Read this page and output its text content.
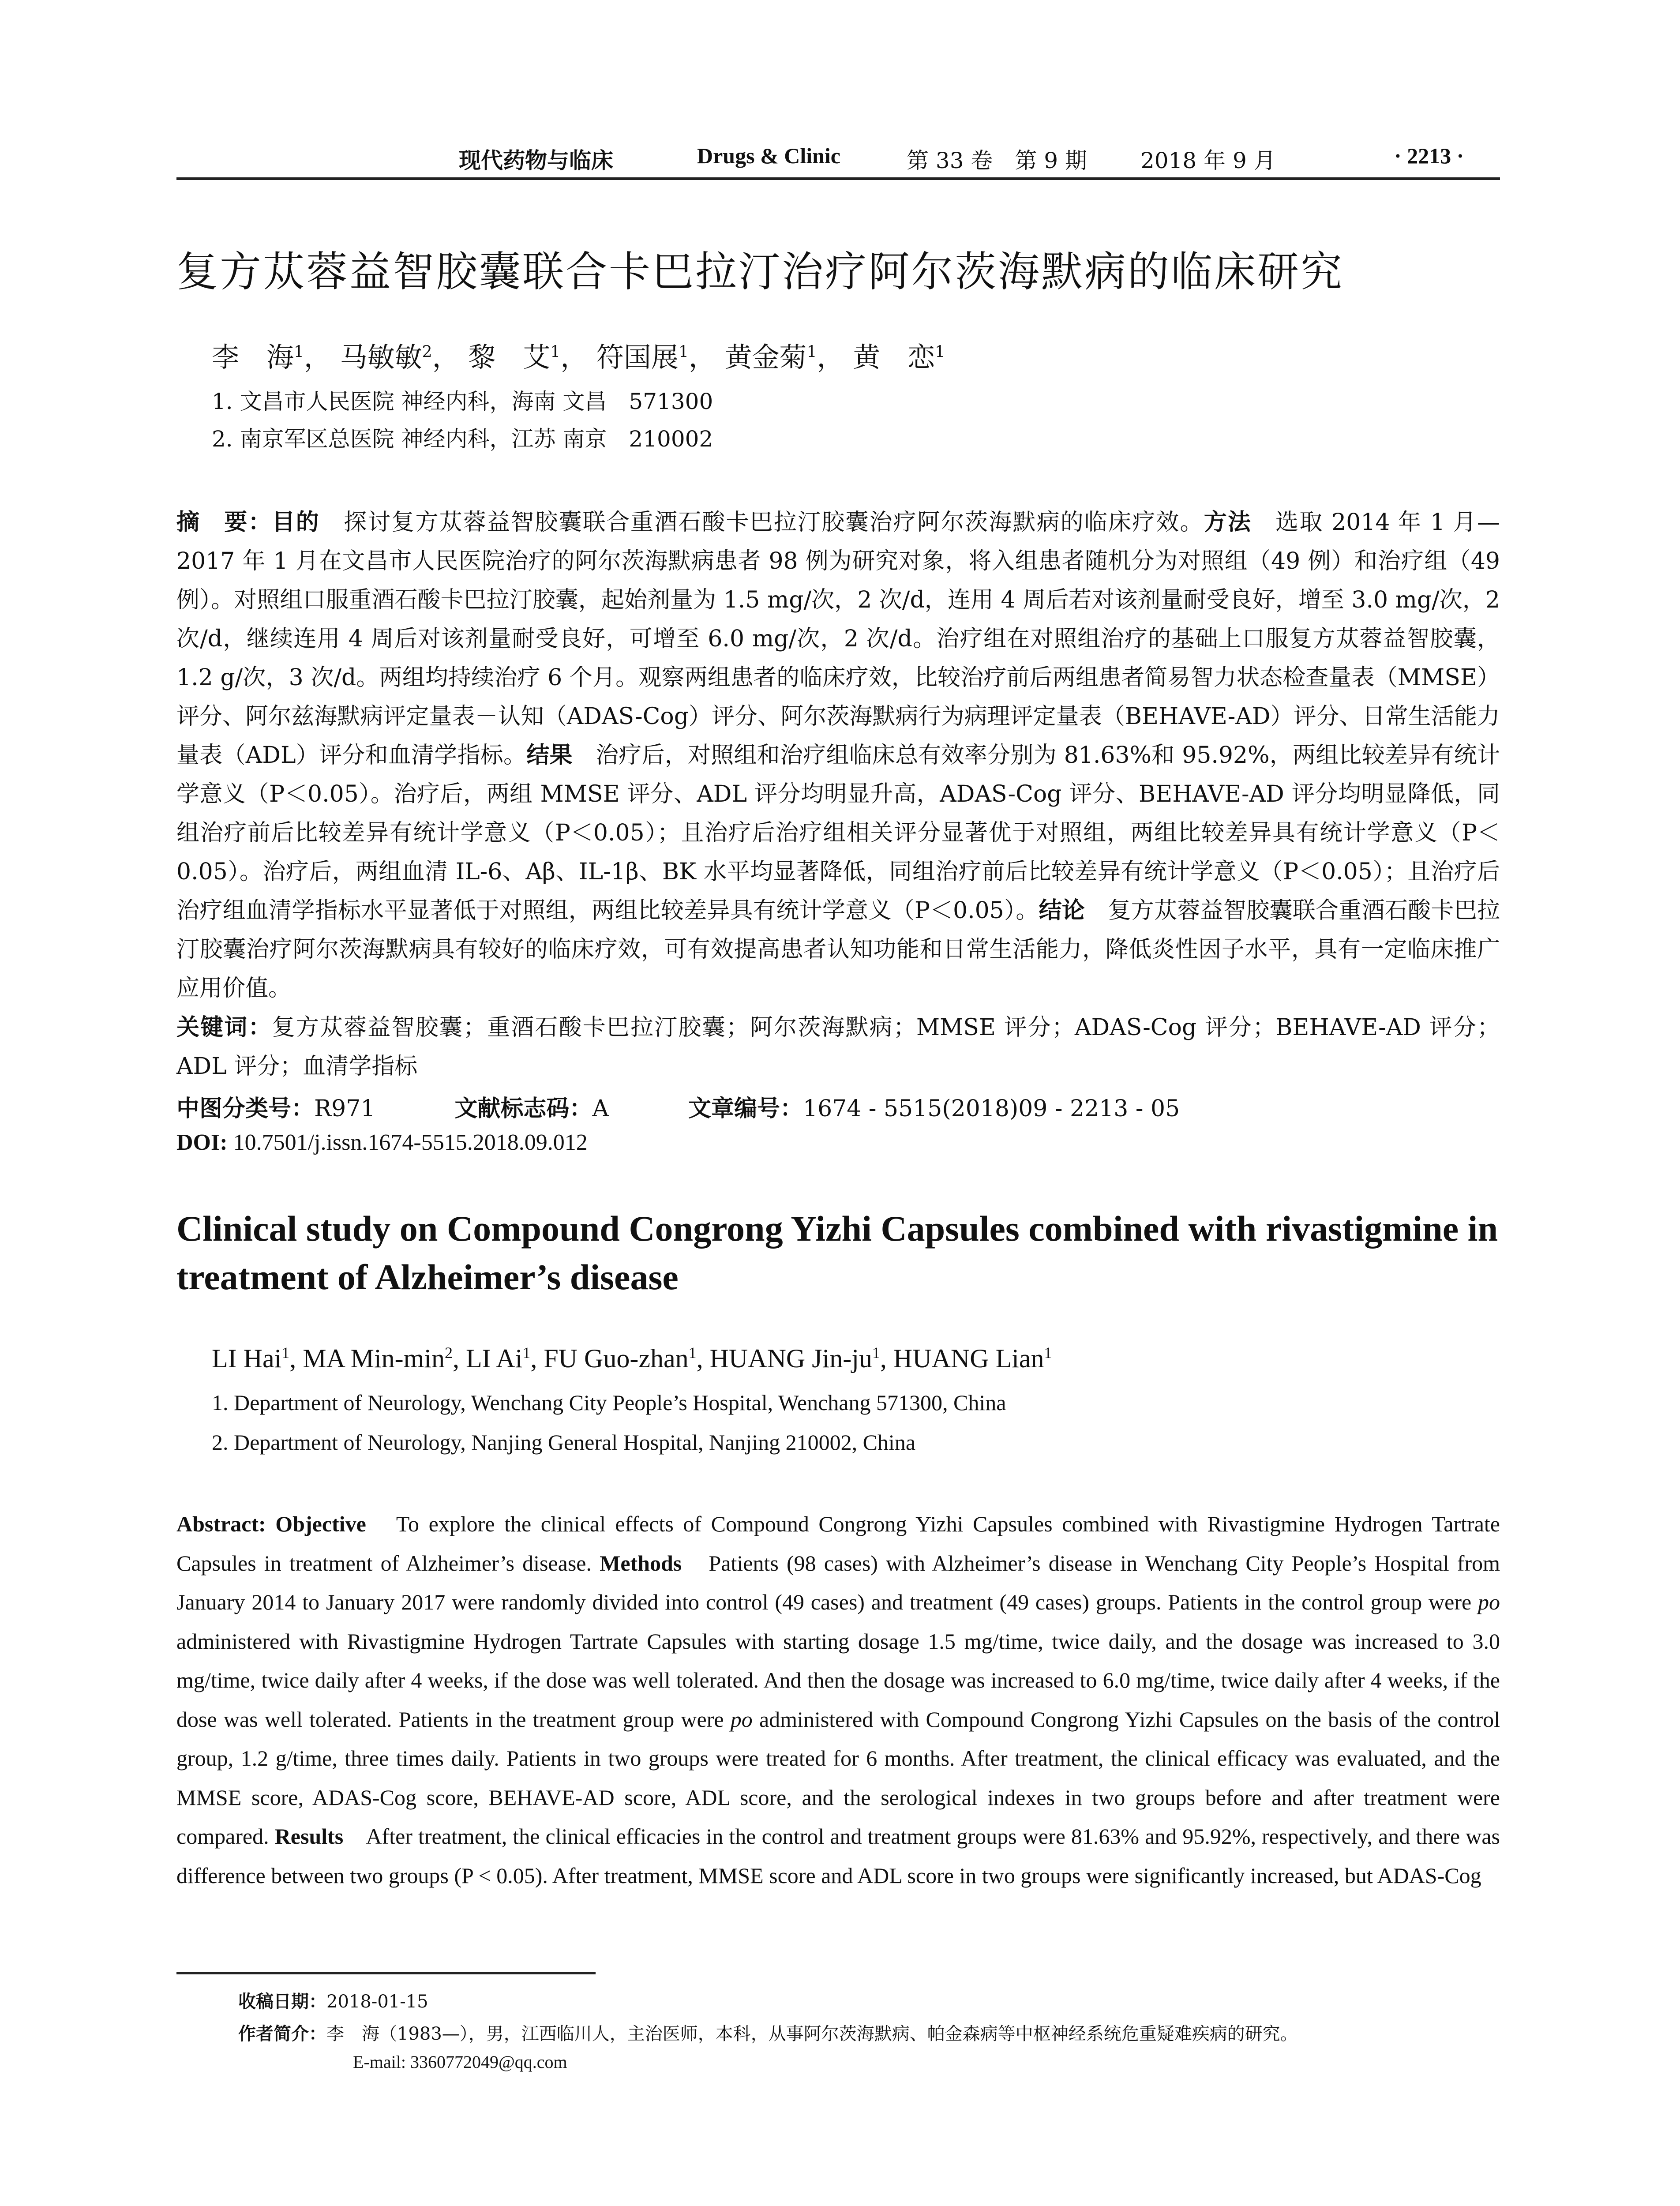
现代药物与临床	Drugs & Clinic	第 33 卷　第 9 期 2018 年 9 月	· 2213 ·
复方苁蓉益智胶囊联合卡巴拉汀治疗阿尔茨海默病的临床研究
李　海$^1$， 马敏敏$^2$， 黎　艾$^1$， 符国展$^1$， 黄金菊$^1$， 黄　恋$^1$
1. 文昌市人民医院 神经内科，海南 文昌　571300
2. 南京军区总医院 神经内科，江苏 南京　210002
摘　要：目的　探讨复方苁蓉益智胶囊联合重酒石酸卡巴拉汀胶囊治疗阿尔茨海默病的临床疗效。方法　选取 2014 年 1 月—2017 年 1 月在文昌市人民医院治疗的阿尔茨海默病患者 98 例为研究对象，将入组患者随机分为对照组（49 例）和治疗组（49 例）。对照组口服重酒石酸卡巴拉汀胶囊，起始剂量为 1.5 mg/次，2 次/d，连用 4 周后若对该剂量耐受良好，增至 3.0 mg/次，2 次/d，继续连用 4 周后对该剂量耐受良好，可增至 6.0 mg/次，2 次/d。治疗组在对照组治疗的基础上口服复方苁蓉益智胶囊，1.2 g/次，3 次/d。两组均持续治疗 6 个月。观察两组患者的临床疗效，比较治疗前后两组患者简易智力状态检查量表（MMSE）评分、阿尔兹海默病评定量表－认知（ADAS-Cog）评分、阿尔茨海默病行为病理评定量表（BEHAVE-AD）评分、日常生活能力量表（ADL）评分和血清学指标。结果　治疗后，对照组和治疗组临床总有效率分别为 81.63%和 95.92%，两组比较差异有统计学意义（P＜0.05）。治疗后，两组 MMSE 评分、ADL 评分均明显升高，ADAS-Cog 评分、BEHAVE-AD 评分均明显降低，同组治疗前后比较差异有统计学意义（P＜0.05）；且治疗后治疗组相关评分显著优于对照组，两组比较差异具有统计学意义（P＜0.05）。治疗后，两组血清 IL-6、Aβ、IL-1β、BK 水平均显著降低，同组治疗前后比较差异有统计学意义（P＜0.05）；且治疗后治疗组血清学指标水平显著低于对照组，两组比较差异具有统计学意义（P＜0.05）。结论　复方苁蓉益智胶囊联合重酒石酸卡巴拉汀胶囊治疗阿尔茨海默病具有较好的临床疗效，可有效提高患者认知功能和日常生活能力，降低炎性因子水平，具有一定临床推广应用价值。
关键词：复方苁蓉益智胶囊；重酒石酸卡巴拉汀胶囊；阿尔茨海默病；MMSE 评分；ADAS-Cog 评分；BEHAVE-AD 评分；ADL 评分；血清学指标
中图分类号：R971	文献标志码：A	文章编号：1674 - 5515(2018)09 - 2213 - 05
DOI: 10.7501/j.issn.1674-5515.2018.09.012
Clinical study on Compound Congrong Yizhi Capsules combined with rivastigmine in treatment of Alzheimer’s disease
LI Hai$^1$, MA Min-$\min^2$, LI Ai$^1$, FU Guo-zhan$^1$, HUANG Jin-$ju^1$, HUANG Lian$^1$
1. Department of Neurology, Wenchang City People’s Hospital, Wenchang 571300, China
2. Department of Neurology, Nanjing General Hospital, Nanjing 210002, China
Abstract: Objective　To explore the clinical effects of Compound Congrong Yizhi Capsules combined with Rivastigmine Hydrogen Tartrate Capsules in treatment of Alzheimer’s disease. Methods　Patients (98 cases) with Alzheimer’s disease in Wenchang City People’s Hospital from January 2014 to January 2017 were randomly divided into control (49 cases) and treatment (49 cases) groups. Patients in the control group were po administered with Rivastigmine Hydrogen Tartrate Capsules with starting dosage 1.5 mg/time, twice daily, and the dosage was increased to 3.0 mg/time, twice daily after 4 weeks, if the dose was well tolerated. And then the dosage was increased to 6.0 mg/time, twice daily after 4 weeks, if the dose was well tolerated. Patients in the treatment group were po administered with Compound Congrong Yizhi Capsules on the basis of the control group, 1.2 g/time, three times daily. Patients in two groups were treated for 6 months. After treatment, the clinical efficacy was evaluated, and the MMSE score, ADAS-Cog score, BEHAVE-AD score, ADL score, and the serological indexes in two groups before and after treatment were compared. Results　After treatment, the clinical efficacies in the control and treatment groups were 81.63% and 95.92%, respectively, and there was difference between two groups (P < 0.05). After treatment, MMSE score and ADL score in two groups were significantly increased, but ADAS-Cog
收稿日期：2018-01-15
作者简介：李　海（1983—），男，江西临川人，主治医师，本科，从事阿尔茨海默病、帕金森病等中枢神经系统危重疑难疾病的研究。
E-mail: 3360772049@qq.com
